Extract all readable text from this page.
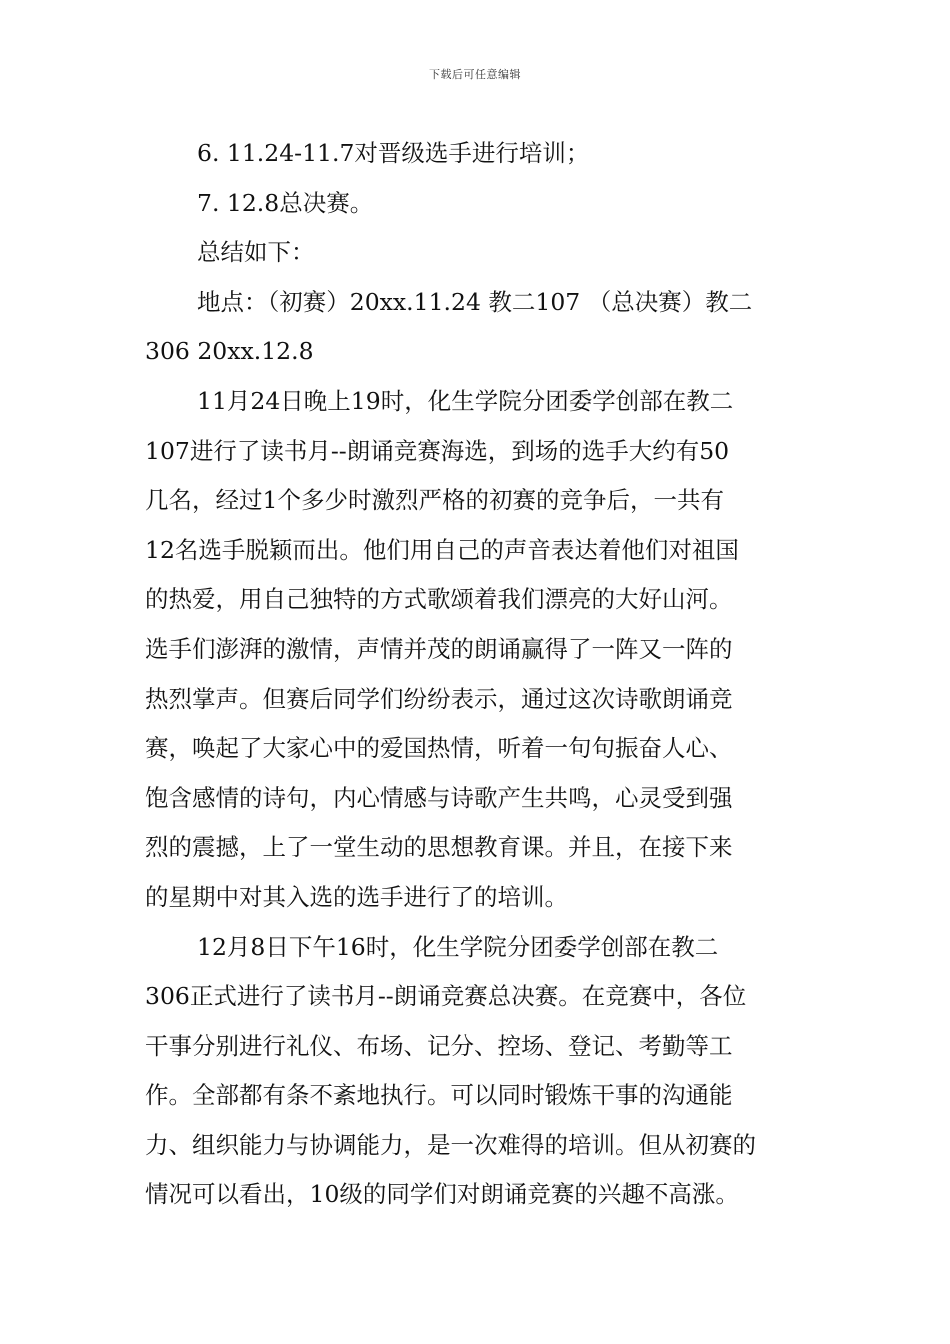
下载后可任意编辑
6. 11.24-11.7对晋级选手进行培训；
7. 12.8总决赛。
总结如下：
地点：（初赛）20xx.11.24 教二107 （总决赛）教二
306 20xx.12.8
11月24日晚上19时，化生学院分团委学创部在教二
107进行了读书月--朗诵竞赛海选，到场的选手大约有50
几名，经过1个多少时激烈严格的初赛的竞争后，一共有
12名选手脱颖而出。他们用自己的声音表达着他们对祖国
的热爱，用自己独特的方式歌颂着我们漂亮的大好山河。
选手们澎湃的激情，声情并茂的朗诵赢得了一阵又一阵的
热烈掌声。但赛后同学们纷纷表示，通过这次诗歌朗诵竞
赛，唤起了大家心中的爱国热情，听着一句句振奋人心、
饱含感情的诗句，内心情感与诗歌产生共鸣，心灵受到强
烈的震撼，上了一堂生动的思想教育课。并且，在接下来
的星期中对其入选的选手进行了的培训。
12月8日下午16时，化生学院分团委学创部在教二
306正式进行了读书月--朗诵竞赛总决赛。在竞赛中，各位
干事分别进行礼仪、布场、记分、控场、登记、考勤等工
作。全部都有条不紊地执行。可以同时锻炼干事的沟通能
力、组织能力与协调能力，是一次难得的培训。但从初赛的
情况可以看出，10级的同学们对朗诵竞赛的兴趣不高涨。
